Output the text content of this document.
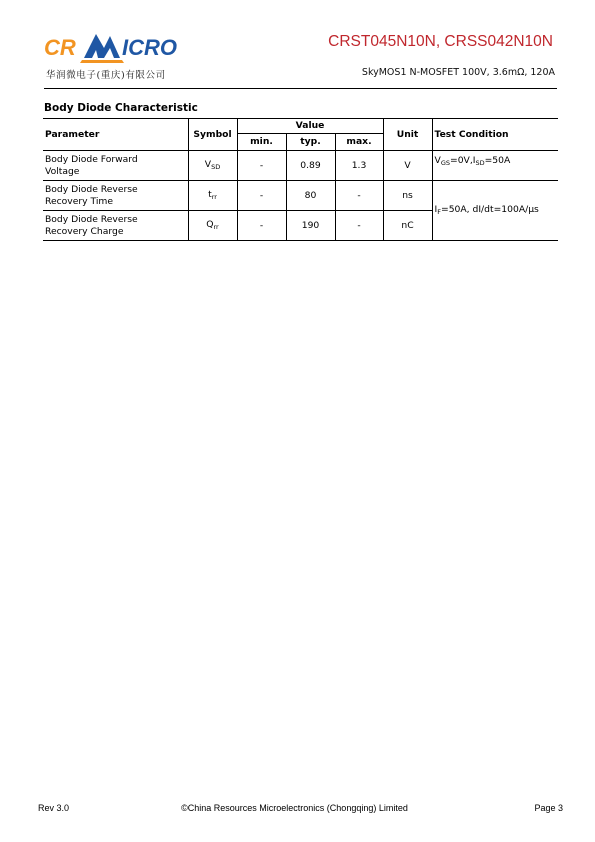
CR ICRO
华润微电子(重庆)有限公司
CRST045N10N, CRSS042N10N
SkyMOS1 N-MOSFET 100V, 3.6mΩ, 120A
Body Diode Characteristic
Parameter	Symbol	Value			Unit	Test Condition
		min.	typ.	max.		
Body Diode Forward
Voltage	$V_{SD}$	-	0.89	1.3	V	$V_{GS}=0V,I_{SD}=50A$
Body Diode Reverse
Recovery Time	$t_{rr}$	-	80	-	ns	$I_F=50A$, dI/dt=100A/μs
Body Diode Reverse
Recovery Charge	$Q_{rr}$	-	190	-	nC	
Rev 3.0	©China Resources Microelectronics (Chongqing) Limited	Page 3
